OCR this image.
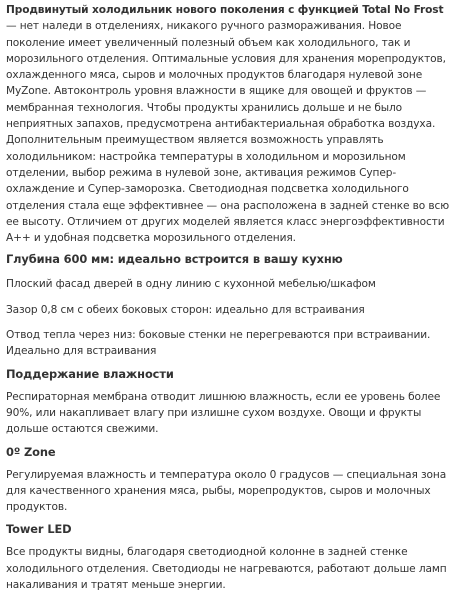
Продвинутый холодильник нового поколения с функцией Total No Frost — нет наледи в отделениях, никакого ручного размораживания. Новое поколение имеет увеличенный полезный объем как холодильного, так и морозильного отделения. Оптимальные условия для хранения морепродуктов, охлажденного мяса, сыров и молочных продуктов благодаря нулевой зоне MyZone. Автоконтроль уровня влажности в ящике для овощей и фруктов — мембранная технология. Чтобы продукты хранились дольше и не было неприятных запахов, предусмотрена антибактериальная обработка воздуха. Дополнительным преимуществом является возможность управлять холодильником: настройка температуры в холодильном и морозильном отделении, выбор режима в нулевой зоне, активация режимов Супер-охлаждение и Супер-заморозка. Светодиодная подсветка холодильного отделения стала еще эффективнее — она расположена в задней стенке во всю ее высоту. Отличием от других моделей является класс энергоэффективности A++ и удобная подсветка морозильного отделения.

Глубина 600 мм: идеально встроится в вашу кухню

Плоский фасад дверей в одну линию с кухонной мебелью/шкафом

Зазор 0,8 см с обеих боковых сторон: идеально для встраивания

Отвод тепла через низ: боковые стенки не перегреваются при встраивании. Идеально для встраивания

Поддержание влажности

Респираторная мембрана отводит лишнюю влажность, если ее уровень более 90%, или накапливает влагу при излишне сухом воздухе. Овощи и фрукты дольше остаются свежими.

0º Zone

Регулируемая влажность и температура около 0 градусов — специальная зона для качественного хранения мяса, рыбы, морепродуктов, сыров и молочных продуктов.

Tower LED

Все продукты видны, благодаря светодиодной колонне в задней стенке холодильного отделения. Светодиоды не нагреваются, работают дольше ламп накаливания и тратят меньше энергии.
